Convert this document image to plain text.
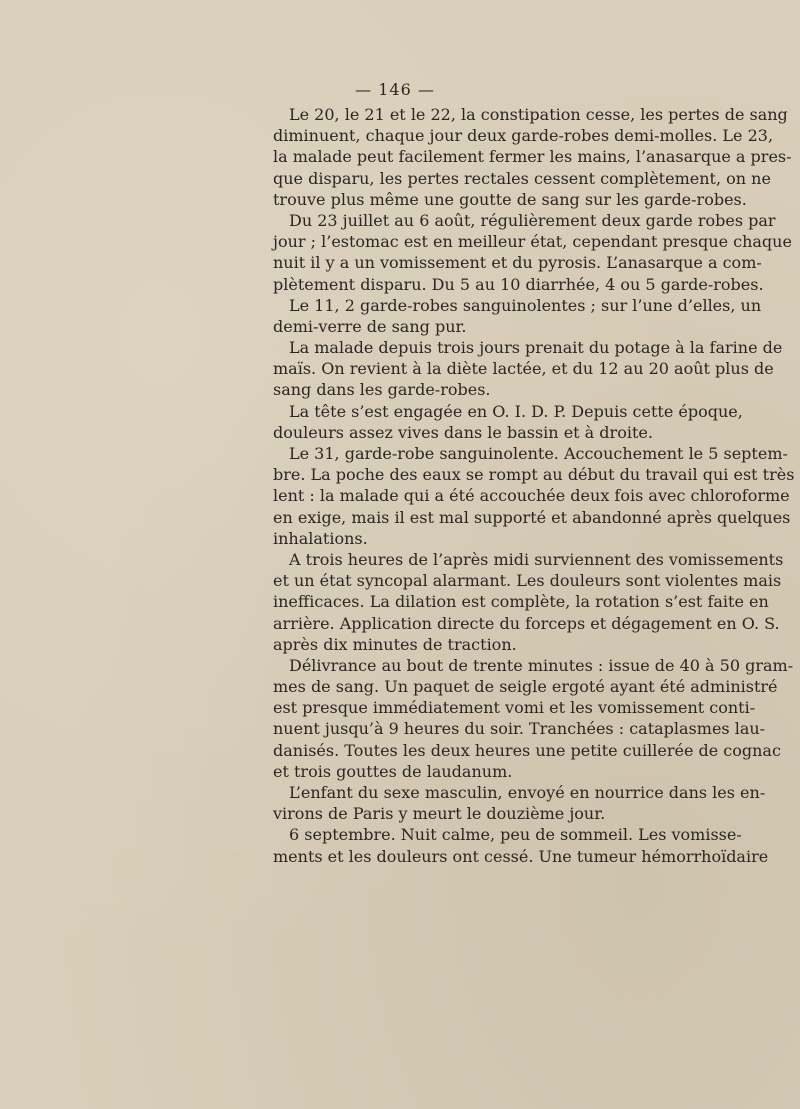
— 146 —
Le 20, le 21 et le 22, la constipation cesse, les pertes de sang
diminuent, chaque jour deux garde-robes demi-molles. Le 23,
la malade peut facilement fermer les mains, l’anasarque a pres-
que disparu, les pertes rectales cessent complètement, on ne
trouve plus même une goutte de sang sur les garde-robes.
Du 23 juillet au 6 août, régulièrement deux garde robes par
jour ; l’estomac est en meilleur état, cependant presque chaque
nuit il y a un vomissement et du pyrosis. L’anasarque a com-
plètement disparu. Du 5 au 10 diarrhée, 4 ou 5 garde-robes.
Le 11, 2 garde-robes sanguinolentes ; sur l’une d’elles, un
demi-verre de sang pur.
La malade depuis trois jours prenait du potage à la farine de
maïs. On revient à la diète lactée, et du 12 au 20 août plus de
sang dans les garde-robes.
La tête s’est engagée en O. I. D. P. Depuis cette époque,
douleurs assez vives dans le bassin et à droite.
Le 31, garde-robe sanguinolente. Accouchement le 5 septem-
bre. La poche des eaux se rompt au début du travail qui est très
lent : la malade qui a été accouchée deux fois avec chloroforme
en exige, mais il est mal supporté et abandonné après quelques
inhalations.
A trois heures de l’après midi surviennent des vomissements
et un état syncopal alarmant. Les douleurs sont violentes mais
inefficaces. La dilation est complète, la rotation s’est faite en
arrière. Application directe du forceps et dégagement en O. S.
après dix minutes de traction.
Délivrance au bout de trente minutes : issue de 40 à 50 gram-
mes de sang. Un paquet de seigle ergoté ayant été administré
est presque immédiatement vomi et les vomissement conti-
nuent jusqu’à 9 heures du soir. Tranchées : cataplasmes lau-
danisés. Toutes les deux heures une petite cuillerée de cognac
et trois gouttes de laudanum.
L’enfant du sexe masculin, envoyé en nourrice dans les en-
virons de Paris y meurt le douzième jour.
6 septembre. Nuit calme, peu de sommeil. Les vomisse-
ments et les douleurs ont cessé. Une tumeur hémorrhoïdaire
